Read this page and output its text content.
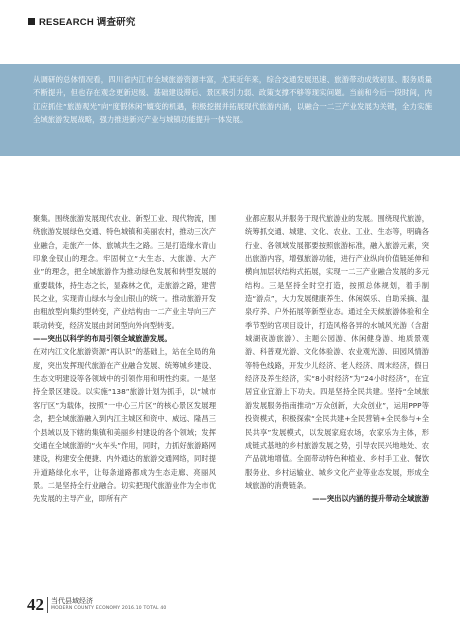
RESEARCH 调查研究

从调研的总体情况看，四川省内江市全域旅游资源丰富，尤其近年来，综合交通发展迅速、旅游带动成效初显、服务质量不断提升，但也存在观念更新迟缓、基础建设滞后、景区吸引力弱、政策支撑不够等现实问题。当前和今后一段时间，内江应抓住“旅游观光”向“度假休闲”嬗变的机遇，积极挖掘并拓展现代旅游内涵，以融合一二三产业发展为关键，全力实施全域旅游发展战略，强力推进新兴产业与城镇功能提升一体发展。

聚集。围绕旅游发展现代农业、新型工业、现代物流，围绕旅游发展绿色交通、特色城镇和美丽农村，推动三次产业融合，走旅产一体、旅城共生之路。三是打造缘水青山印象金钗山的理念。牢固树立“大生态、大旅游、大产业”的理念，把全域旅游作为推动绿色发展和转型发展的重要载体，持生态之长，显森林之优，走旅游之路，建营民之业，实现青山绿水与金山银山的统一。推动旅游开发由粗放型向集约型转变，产业结构由一二产业主导向三产联动转变，经济发展由封闭型向外向型转变。

——突出以科学的布局引领全域旅游发展。

在对内江文化旅游资源“再认识”的基础上，站在全局的角度，突出发挥现代旅游在产业融合发展、统筹城乡建设、生态文明建设等各领域中的引领作用和明性约束。一是坚持全景区建设。以实施“138”旅游计划为抓手，以“城市客厅区”为载体，按照“一中心三片区”的核心景区发展理念，把全域旅游融入到内江主城区和资中、威远、隆昌三个县域以及下辖的集镇和美丽乡村建设的各个领域；发挥交通在全域旅游的“火车头”作用，同时，力抓好旅游路网建设，构建安全便捷、内外通达的旅游交通网络，同时提升道路绿化水平，让每条道路都成为生态走廊、亮丽风景。二是坚持全行业融合。切实把现代旅游业作为全市优先发展的主导产业，即所有产

业都应服从并服务于现代旅游业的发展。围绕现代旅游，统筹抓交通、城建、文化、农业、工业、生态等，明确各行业、各领域发展都要按照旅游标准，融入旅游元素，突出旅游内容，增强旅游功能，进行产业纵向价值链延伸和横向加层状结构式拓展，实现一二三产业融合发展的多元结构。三是坚持全时空打造，按照总体规划，着手制造“游点”，大力发展健康养生、休闲娱乐、自助采摘、温泉疗养、户外拓展等新型业态。通过全天候旅游体验和全季节型的官项目设计，打造风格各异的水城风光游（含甜城湖夜游旅游）、主题公园游、休闲健身游、地质景观游、科普观光游、文化体验游、农业观光游、田园风情游等特色线路，开发少儿经济、老人经济、周末经济，假日经济及养生经济，实“8小时经济”为“24小时经济”，在宜居宜业宜游上下功夫。四是坚持全民共建。坚持“全域旅游发展服务指南推动”万众创新，大众创业”，运用PPP等投资模式，积极探索“全民共建+全民营销+全民参与+全民共享”发展模式，以发展家庭农场，农家乐为主体，形成链式基地的乡村旅游发展之势，引导农民兴地地处、农产品就地增值。全面带动特色种植业、乡村手工业、餐饮服务业、乡村运输业、城乡文化产业等业态发展，形成全域旅游的消费链条。

——突出以内涵的提升带动全域旅游

42 当代县域经济
MODERN COUNTY ECONOMY 2016.10 TOTAL 40
